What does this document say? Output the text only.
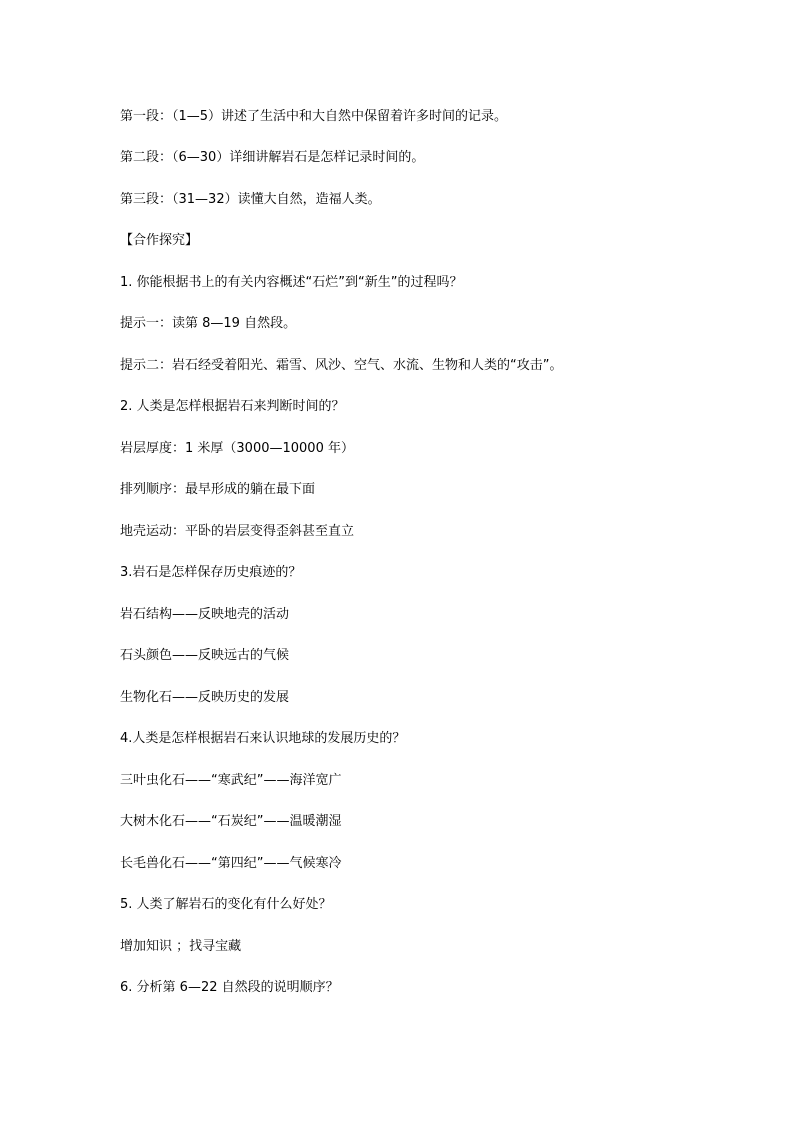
第一段：（1—5）讲述了生活中和大自然中保留着许多时间的记录。
第二段：（6—30）详细讲解岩石是怎样记录时间的。
第三段：（31—32）读懂大自然，造福人类。
【合作探究】
1. 你能根据书上的有关内容概述“石烂”到“新生”的过程吗？
提示一：读第 8—19 自然段。
提示二：岩石经受着阳光、霜雪、风沙、空气、水流、生物和人类的“攻击”。
2. 人类是怎样根据岩石来判断时间的？
岩层厚度：1 米厚（3000—10000 年）
排列顺序：最早形成的躺在最下面
地壳运动：平卧的岩层变得歪斜甚至直立
3.岩石是怎样保存历史痕迹的？
岩石结构——反映地壳的活动
石头颜色——反映远古的气候
生物化石——反映历史的发展
4.人类是怎样根据岩石来认识地球的发展历史的？
三叶虫化石——“寒武纪”——海洋宽广
大树木化石——“石炭纪”——温暖潮湿
长毛兽化石——“第四纪”——气候寒冷
5. 人类了解岩石的变化有什么好处？
增加知识 ；找寻宝藏
6. 分析第 6—22 自然段的说明顺序？
